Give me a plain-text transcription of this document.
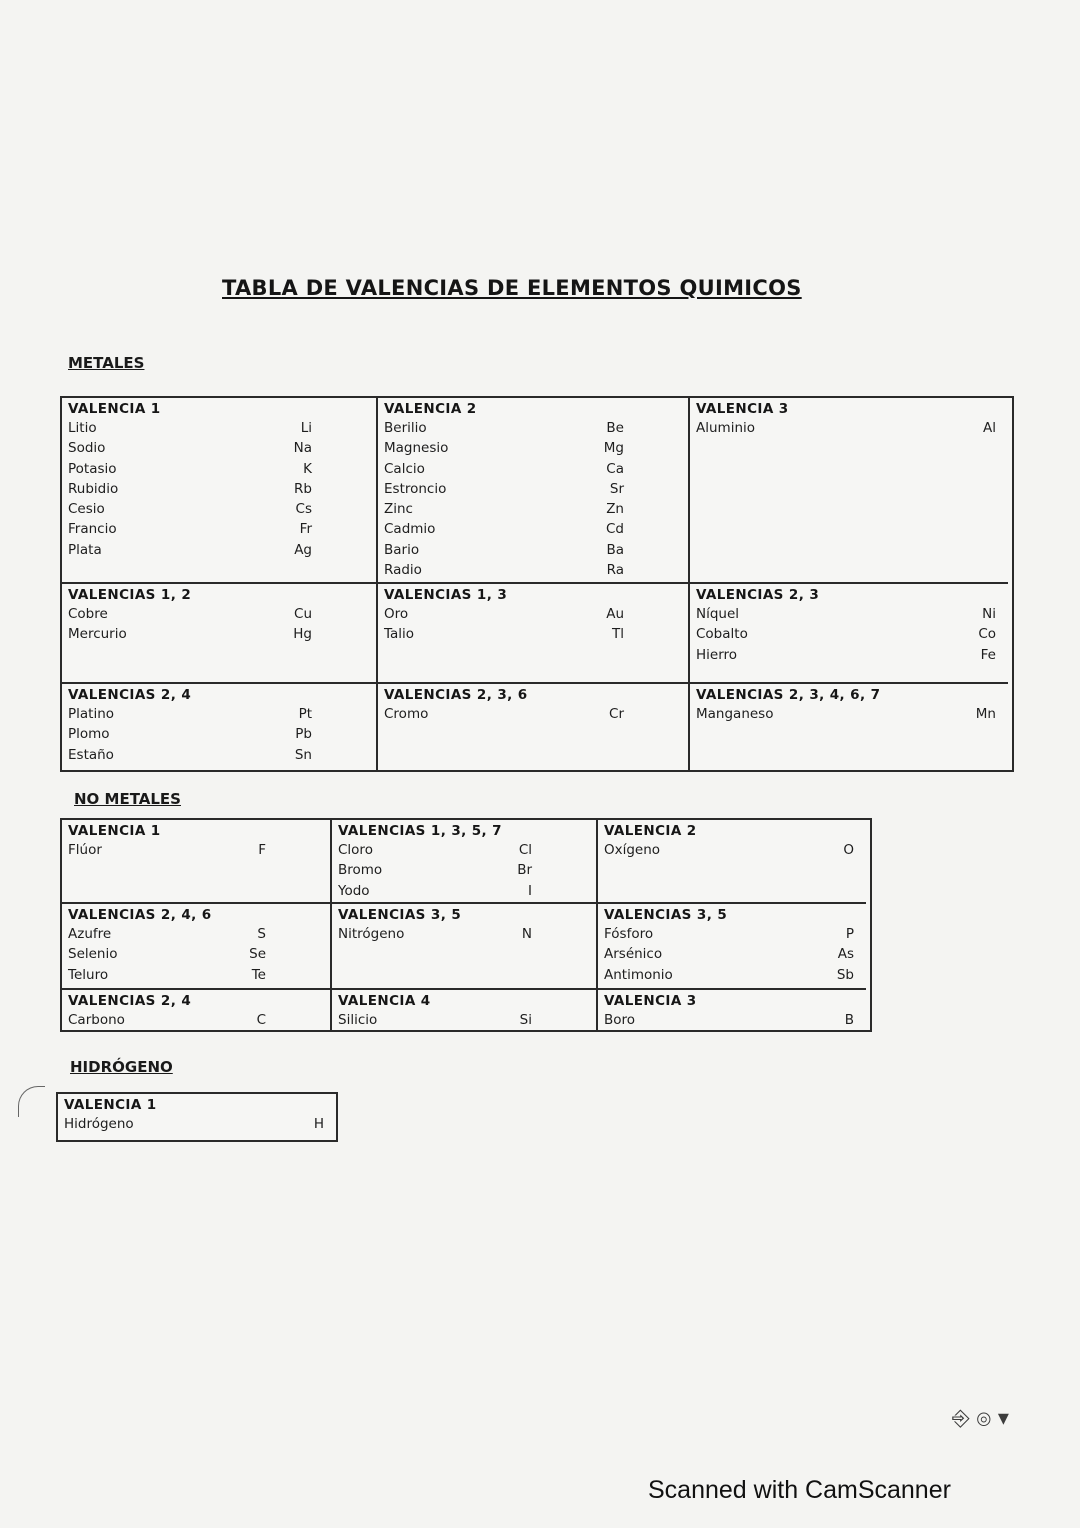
TABLA DE VALENCIAS DE ELEMENTOS QUIMICOS
METALES
VALENCIA 1
Litio	Li
Sodio	Na
Potasio	K
Rubidio	Rb
Cesio	Cs
Francio	Fr
Plata	Ag
VALENCIA 2
Berilio	Be
Magnesio	Mg
Calcio	Ca
Estroncio	Sr
Zinc	Zn
Cadmio	Cd
Bario	Ba
Radio	Ra
VALENCIA 3
Aluminio	Al
VALENCIAS 1, 2
Cobre	Cu
Mercurio	Hg
VALENCIAS 1, 3
Oro	Au
Talio	Tl
VALENCIAS 2, 3
Níquel	Ni
Cobalto	Co
Hierro	Fe
VALENCIAS 2, 4
Platino	Pt
Plomo	Pb
Estaño	Sn
VALENCIAS 2, 3, 6
Cromo	Cr
VALENCIAS 2, 3, 4, 6, 7
Manganeso	Mn
NO METALES
VALENCIA 1
Flúor	F
VALENCIAS 1, 3, 5, 7
Cloro	Cl
Bromo	Br
Yodo	I
VALENCIA 2
Oxígeno	O
VALENCIAS 2, 4, 6
Azufre	S
Selenio	Se
Teluro	Te
VALENCIAS 3, 5
Nitrógeno	N
VALENCIAS 3, 5
Fósforo	P
Arsénico	As
Antimonio	Sb
VALENCIAS 2, 4
Carbono	C
VALENCIA 4
Silicio	Si
VALENCIA 3
Boro	B
HIDRÓGENO
VALENCIA 1
Hidrógeno	H
⎆ ⦾ ▾
Scanned with CamScanner
